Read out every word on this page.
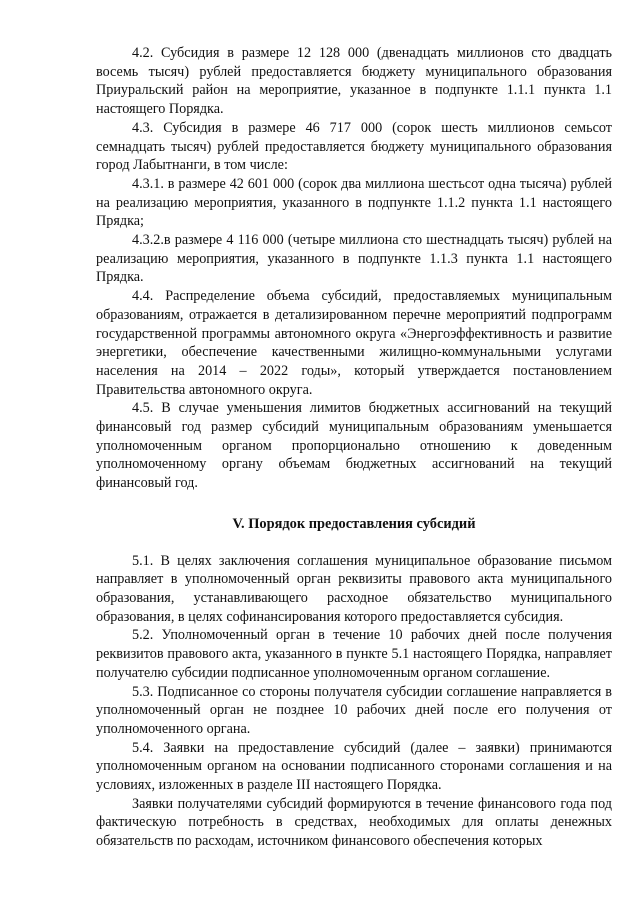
4.2. Субсидия в размере 12 128 000 (двенадцать миллионов сто двадцать восемь тысяч) рублей предоставляется бюджету муниципального образования Приуральский район на мероприятие, указанное в подпункте 1.1.1 пункта 1.1 настоящего Порядка.

4.3. Субсидия в размере 46 717 000 (сорок шесть миллионов семьсот семнадцать тысяч) рублей предоставляется бюджету муниципального образования город Лабытнанги, в том числе:

4.3.1. в размере 42 601 000 (сорок два миллиона шестьсот одна тысяча) рублей на реализацию мероприятия, указанного в подпункте 1.1.2 пункта 1.1 настоящего Прядка;

4.3.2.в размере 4 116 000 (четыре миллиона сто шестнадцать тысяч) рублей на реализацию мероприятия, указанного в подпункте 1.1.3 пункта 1.1 настоящего Прядка.

4.4. Распределение объема субсидий, предоставляемых муниципальным образованиям, отражается в детализированном перечне мероприятий подпрограмм государственной программы автономного округа «Энергоэффективность и развитие энергетики, обеспечение качественными жилищно-коммунальными услугами населения на 2014 – 2022 годы», который утверждается постановлением Правительства автономного округа.

4.5. В случае уменьшения лимитов бюджетных ассигнований на текущий финансовый год размер субсидий муниципальным образованиям уменьшается уполномоченным органом пропорционально отношению к доведенным уполномоченному органу объемам бюджетных ассигнований на текущий финансовый год.

V. Порядок предоставления субсидий

5.1. В целях заключения соглашения муниципальное образование письмом направляет в уполномоченный орган реквизиты правового акта муниципального образования, устанавливающего расходное обязательство муниципального образования, в целях софинансирования которого предоставляется субсидия.

5.2. Уполномоченный орган в течение 10 рабочих дней после получения реквизитов правового акта, указанного в пункте 5.1 настоящего Порядка, направляет получателю субсидии подписанное уполномоченным органом соглашение.

5.3. Подписанное со стороны получателя субсидии соглашение направляется в уполномоченный орган не позднее 10 рабочих дней после его получения от уполномоченного органа.

5.4. Заявки на предоставление субсидий (далее – заявки) принимаются уполномоченным органом на основании подписанного сторонами соглашения и на условиях, изложенных в разделе III настоящего Порядка.

Заявки получателями субсидий формируются в течение финансового года под фактическую потребность в средствах, необходимых для оплаты денежных обязательств по расходам, источником финансового обеспечения которых
